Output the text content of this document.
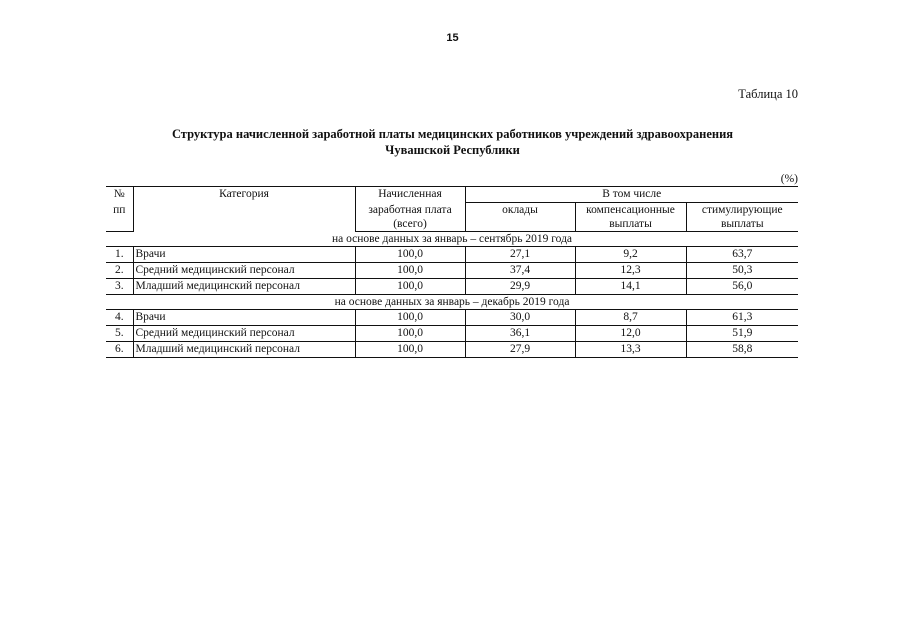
15
Таблица 10
Структура начисленной заработной платы медицинских работников учреждений здравоохранения
Чувашской Республики
(%)
№	Категория	Начисленная	В том числе		
пп		заработная плата	оклады	компенсационные	стимулирующие
		(всего)		выплаты	выплаты
на основе данных за январь – сентябрь 2019 года					
1.	Врачи	100,0	27,1	9,2	63,7
2.	Средний медицинский персонал	100,0	37,4	12,3	50,3
3.	Младший медицинский персонал	100,0	29,9	14,1	56,0
на основе данных за январь – декабрь 2019 года					
4.	Врачи	100,0	30,0	8,7	61,3
5.	Средний медицинский персонал	100,0	36,1	12,0	51,9
6.	Младший медицинский персонал	100,0	27,9	13,3	58,8
